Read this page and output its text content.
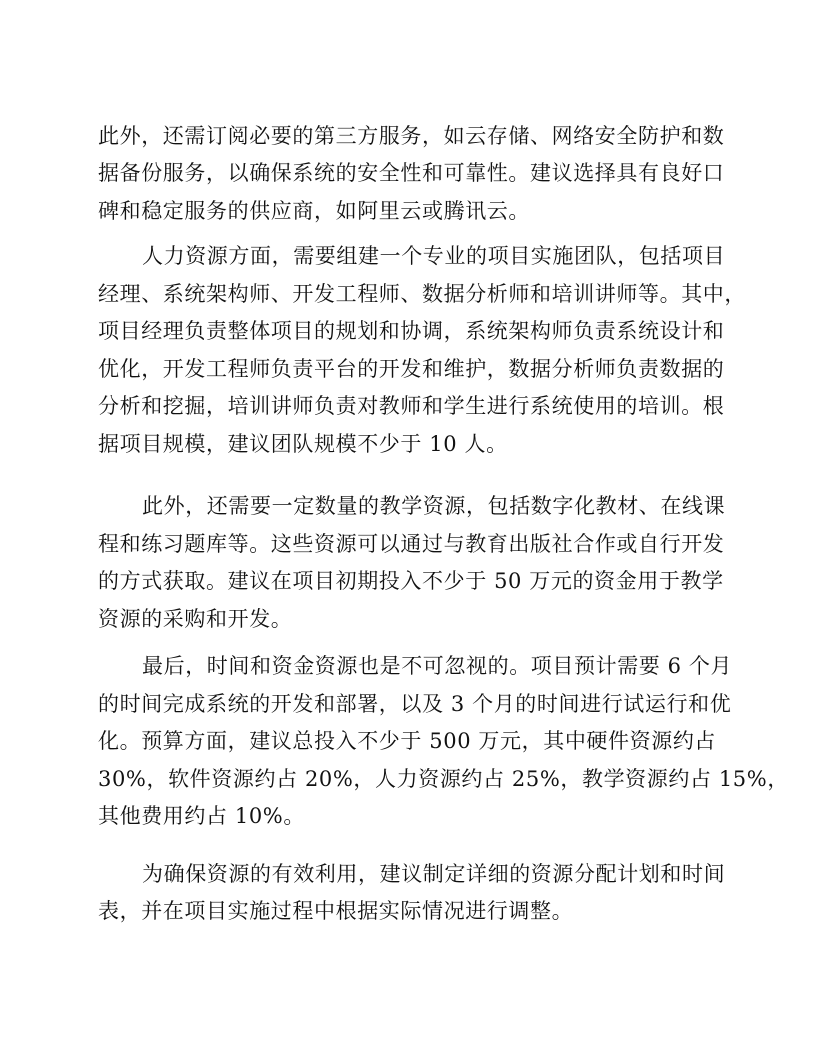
此外，还需订阅必要的第三方服务，如云存储、网络安全防护和数

据备份服务，以确保系统的安全性和可靠性。建议选择具有良好口

碑和稳定服务的供应商，如阿里云或腾讯云。

人力资源方面，需要组建一个专业的项目实施团队，包括项目

经理、系统架构师、开发工程师、数据分析师和培训讲师等。其中，

项目经理负责整体项目的规划和协调，系统架构师负责系统设计和

优化，开发工程师负责平台的开发和维护，数据分析师负责数据的

分析和挖掘，培训讲师负责对教师和学生进行系统使用的培训。根

据项目规模，建议团队规模不少于 10 人。

此外，还需要一定数量的教学资源，包括数字化教材、在线课

程和练习题库等。这些资源可以通过与教育出版社合作或自行开发

的方式获取。建议在项目初期投入不少于 50 万元的资金用于教学

资源的采购和开发。

最后，时间和资金资源也是不可忽视的。项目预计需要 6 个月

的时间完成系统的开发和部署，以及 3 个月的时间进行试运行和优

化。预算方面，建议总投入不少于 500 万元，其中硬件资源约占

30%，软件资源约占 20%，人力资源约占 25%，教学资源约占 15%，

其他费用约占 10%。

为确保资源的有效利用，建议制定详细的资源分配计划和时间

表，并在项目实施过程中根据实际情况进行调整。
